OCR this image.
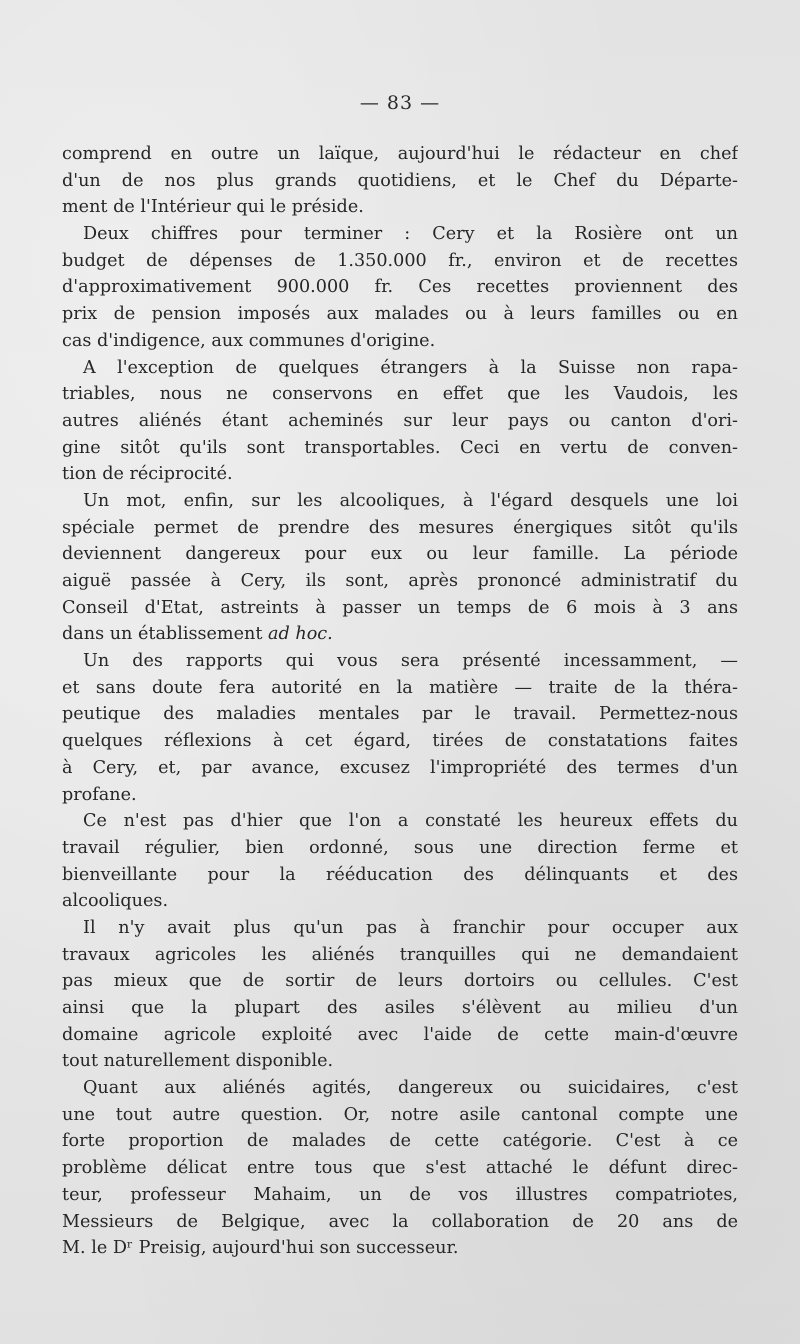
— 83 —
comprend en outre un laïque, aujourd'hui le rédacteur en chef
d'un de nos plus grands quotidiens, et le Chef du Départe-
ment de l'Intérieur qui le préside.
Deux chiffres pour terminer : Cery et la Rosière ont un
budget de dépenses de 1.350.000 fr., environ et de recettes
d'approximativement 900.000 fr. Ces recettes proviennent des
prix de pension imposés aux malades ou à leurs familles ou en
cas d'indigence, aux communes d'origine.
A l'exception de quelques étrangers à la Suisse non rapa-
triables, nous ne conservons en effet que les Vaudois, les
autres aliénés étant acheminés sur leur pays ou canton d'ori-
gine sitôt qu'ils sont transportables. Ceci en vertu de conven-
tion de réciprocité.
Un mot, enfin, sur les alcooliques, à l'égard desquels une loi
spéciale permet de prendre des mesures énergiques sitôt qu'ils
deviennent dangereux pour eux ou leur famille. La période
aiguë passée à Cery, ils sont, après prononcé administratif du
Conseil d'Etat, astreints à passer un temps de 6 mois à 3 ans
dans un établissement ad hoc.
Un des rapports qui vous sera présenté incessamment, —
et sans doute fera autorité en la matière — traite de la théra-
peutique des maladies mentales par le travail. Permettez-nous
quelques réflexions à cet égard, tirées de constatations faites
à Cery, et, par avance, excusez l'impropriété des termes d'un
profane.
Ce n'est pas d'hier que l'on a constaté les heureux effets du
travail régulier, bien ordonné, sous une direction ferme et
bienveillante pour la rééducation des délinquants et des
alcooliques.
Il n'y avait plus qu'un pas à franchir pour occuper aux
travaux agricoles les aliénés tranquilles qui ne demandaient
pas mieux que de sortir de leurs dortoirs ou cellules. C'est
ainsi que la plupart des asiles s'élèvent au milieu d'un
domaine agricole exploité avec l'aide de cette main-d'œuvre
tout naturellement disponible.
Quant aux aliénés agités, dangereux ou suicidaires, c'est
une tout autre question. Or, notre asile cantonal compte une
forte proportion de malades de cette catégorie. C'est à ce
problème délicat entre tous que s'est attaché le défunt direc-
teur, professeur Mahaim, un de vos illustres compatriotes,
Messieurs de Belgique, avec la collaboration de 20 ans de
M. le Dʳ Preisig, aujourd'hui son successeur.
